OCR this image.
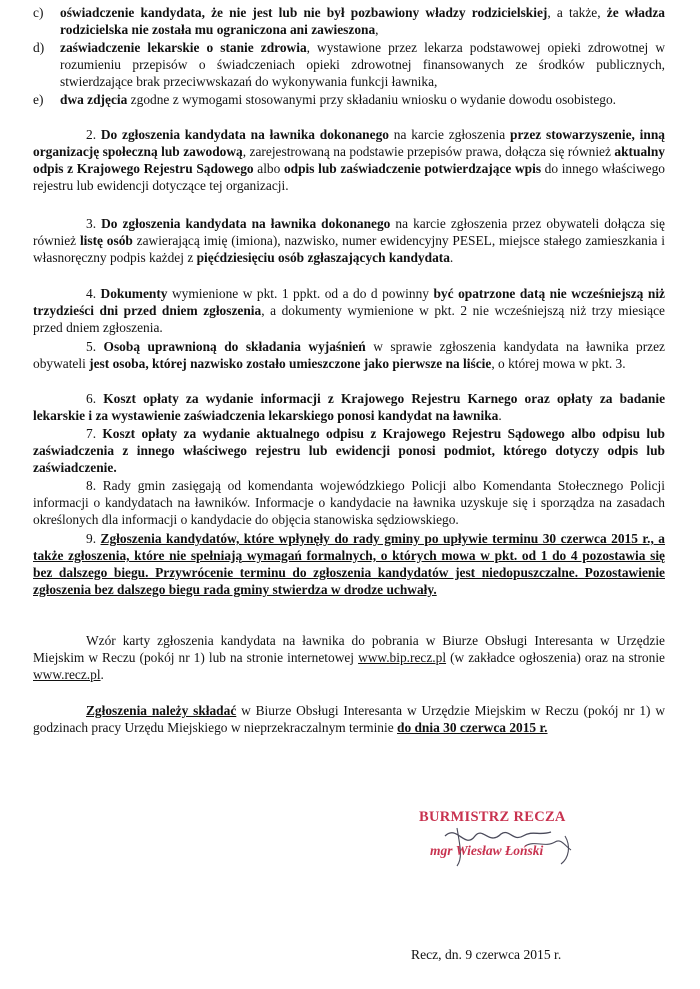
c) oświadczenie kandydata, że nie jest lub nie był pozbawiony władzy rodzicielskiej, a także, że władza rodzicielska nie została mu ograniczona ani zawieszona,
d) zaświadczenie lekarskie o stanie zdrowia, wystawione przez lekarza podstawowej opieki zdrowotnej w rozumieniu przepisów o świadczeniach opieki zdrowotnej finansowanych ze środków publicznych, stwierdzające brak przeciwwskazań do wykonywania funkcji ławnika,
e) dwa zdjęcia zgodne z wymogami stosowanymi przy składaniu wniosku o wydanie dowodu osobistego.
2. Do zgłoszenia kandydata na ławnika dokonanego na karcie zgłoszenia przez stowarzyszenie, inną organizację społeczną lub zawodową, zarejestrowaną na podstawie przepisów prawa, dołącza się również aktualny odpis z Krajowego Rejestru Sądowego albo odpis lub zaświadczenie potwierdzające wpis do innego właściwego rejestru lub ewidencji dotyczące tej organizacji.
3. Do zgłoszenia kandydata na ławnika dokonanego na karcie zgłoszenia przez obywateli dołącza się również listę osób zawierającą imię (imiona), nazwisko, numer ewidencyjny PESEL, miejsce stałego zamieszkania i własnoręczny podpis każdej z pięćdziesięciu osób zgłaszających kandydata.
4. Dokumenty wymienione w pkt. 1 ppkt. od a do d powinny być opatrzone datą nie wcześniejszą niż trzydzieści dni przed dniem zgłoszenia, a dokumenty wymienione w pkt. 2 nie wcześniejszą niż trzy miesiące przed dniem zgłoszenia.
5. Osobą uprawnioną do składania wyjaśnień w sprawie zgłoszenia kandydata na ławnika przez obywateli jest osoba, której nazwisko zostało umieszczone jako pierwsze na liście, o której mowa w pkt. 3.
6. Koszt opłaty za wydanie informacji z Krajowego Rejestru Karnego oraz opłaty za badanie lekarskie i za wystawienie zaświadczenia lekarskiego ponosi kandydat na ławnika.
7. Koszt opłaty za wydanie aktualnego odpisu z Krajowego Rejestru Sądowego albo odpisu lub zaświadczenia z innego właściwego rejestru lub ewidencji ponosi podmiot, którego dotyczy odpis lub zaświadczenie.
8. Rady gmin zasięgają od komendanta wojewódzkiego Policji albo Komendanta Stołecznego Policji informacji o kandydatach na ławników. Informacje o kandydacie na ławnika uzyskuje się i sporządza na zasadach określonych dla informacji o kandydacie do objęcia stanowiska sędziowskiego.
9. Zgłoszenia kandydatów, które wpłynęły do rady gminy po upływie terminu 30 czerwca 2015 r., a także zgłoszenia, które nie spełniają wymagań formalnych, o których mowa w pkt. od 1 do 4 pozostawia się bez dalszego biegu. Przywrócenie terminu do zgłoszenia kandydatów jest niedopuszczalne. Pozostawienie zgłoszenia bez dalszego biegu rada gminy stwierdza w drodze uchwały.
Wzór karty zgłoszenia kandydata na ławnika do pobrania w Biurze Obsługi Interesanta w Urzędzie Miejskim w Reczu (pokój nr 1) lub na stronie internetowej www.bip.recz.pl (w zakładce ogłoszenia) oraz na stronie www.recz.pl.
Zgłoszenia należy składać w Biurze Obsługi Interesanta w Urzędzie Miejskim w Reczu (pokój nr 1) w godzinach pracy Urzędu Miejskiego w nieprzekraczalnym terminie do dnia 30 czerwca 2015 r.
BURMISTRZ RECZA
mgr Wiesław Łoński
Recz, dn. 9 czerwca 2015 r.
